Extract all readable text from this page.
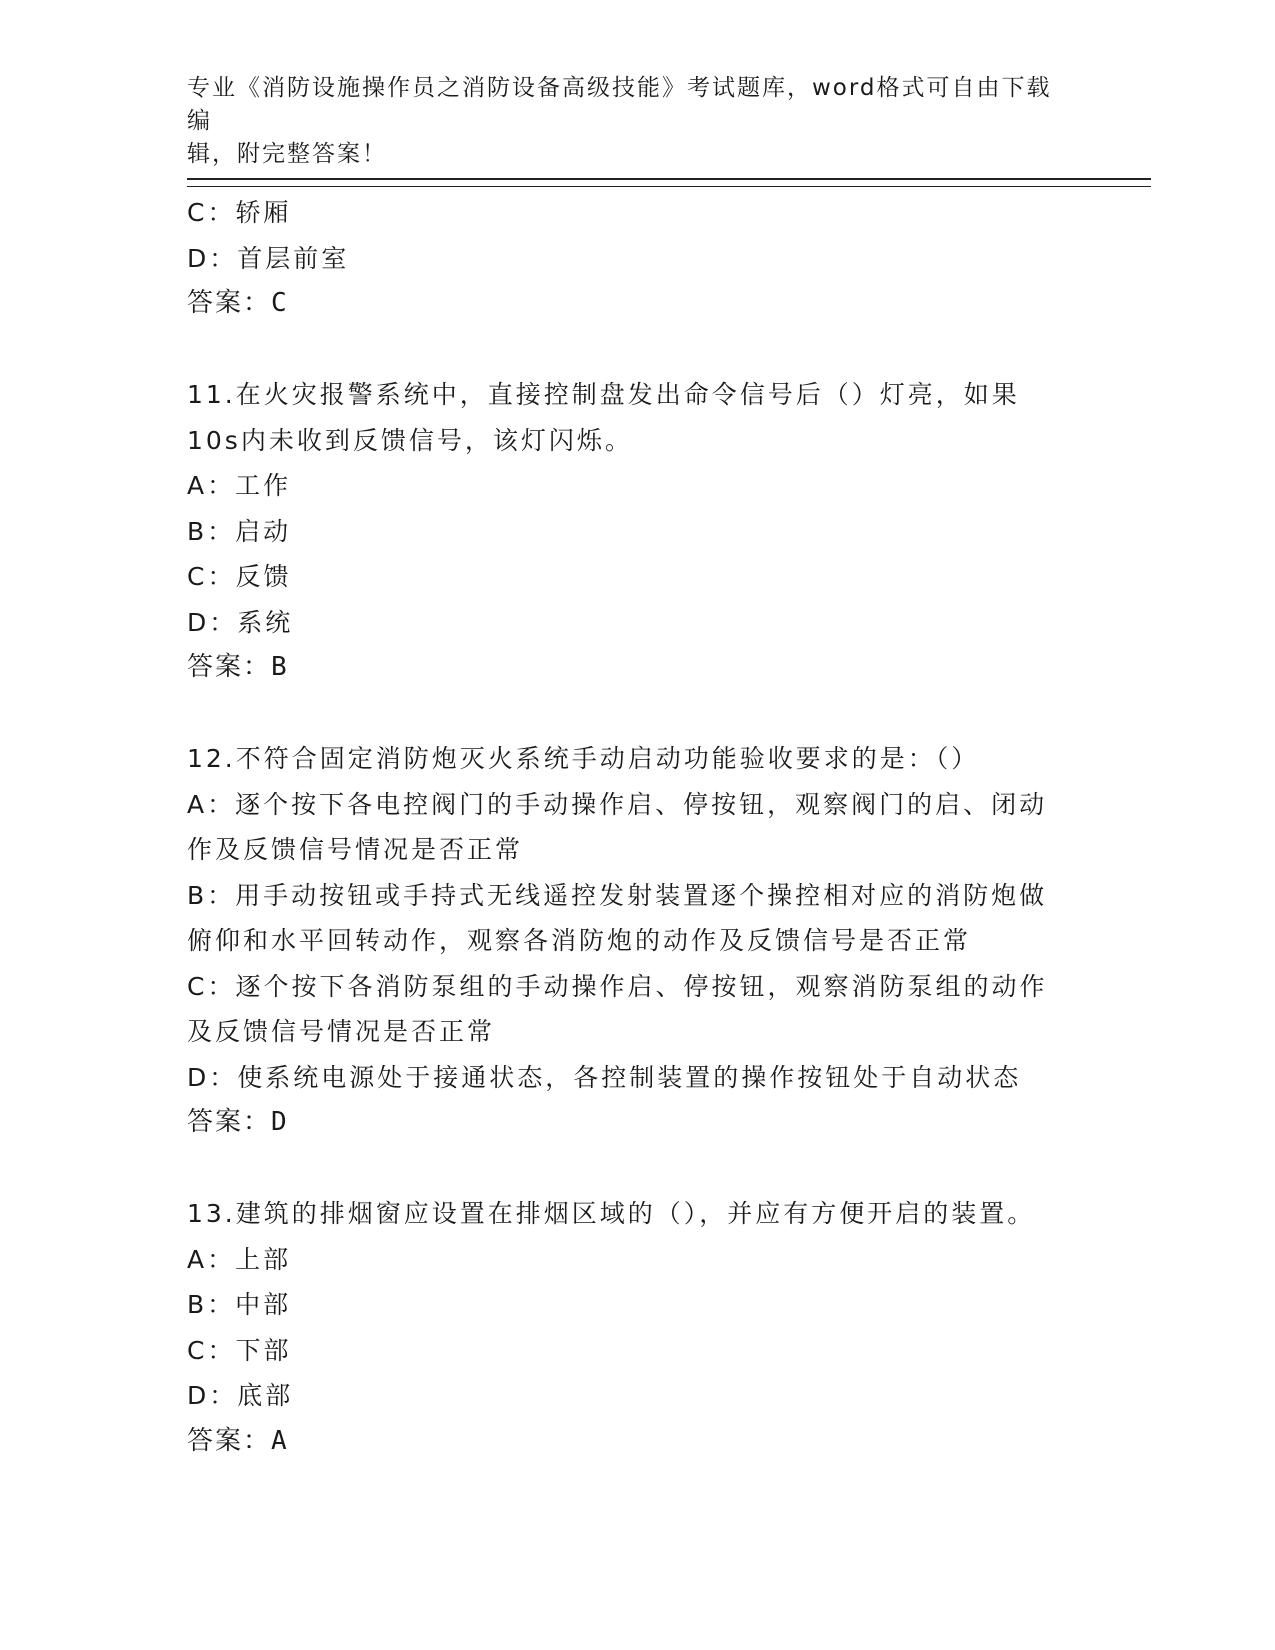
专业《消防设施操作员之消防设备高级技能》考试题库，word格式可自由下载编
辑，附完整答案！
C：轿厢
D：首层前室
答案：C
11.在火灾报警系统中，直接控制盘发出命令信号后（）灯亮，如果
10s内未收到反馈信号，该灯闪烁。
A：工作
B：启动
C：反馈
D：系统
答案：B
12.不符合固定消防炮灭火系统手动启动功能验收要求的是：（）
A：逐个按下各电控阀门的手动操作启、停按钮，观察阀门的启、闭动
作及反馈信号情况是否正常
B：用手动按钮或手持式无线遥控发射装置逐个操控相对应的消防炮做
俯仰和水平回转动作，观察各消防炮的动作及反馈信号是否正常
C：逐个按下各消防泵组的手动操作启、停按钮，观察消防泵组的动作
及反馈信号情况是否正常
D：使系统电源处于接通状态，各控制装置的操作按钮处于自动状态
答案：D
13.建筑的排烟窗应设置在排烟区域的（），并应有方便开启的装置。
A：上部
B：中部
C：下部
D：底部
答案：A
